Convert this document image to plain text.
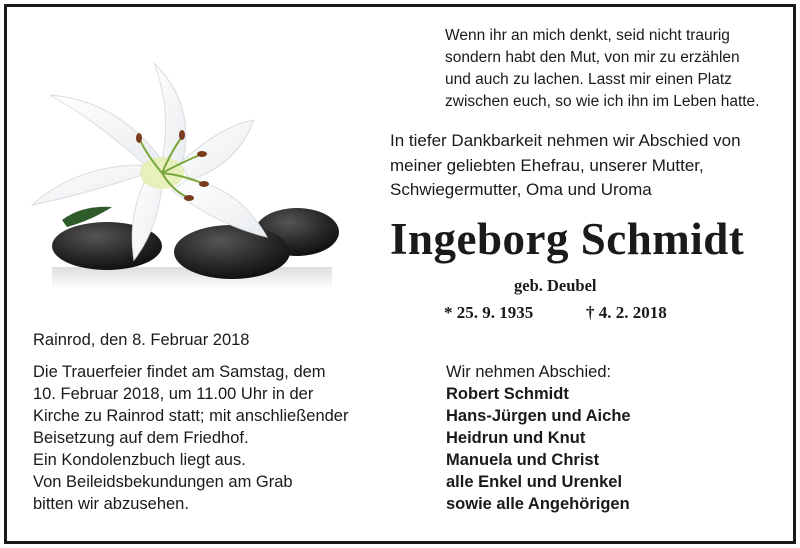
Wenn ihr an mich denkt, seid nicht traurig
sondern habt den Mut, von mir zu erzählen
und auch zu lachen. Lasst mir einen Platz
zwischen euch, so wie ich ihn im Leben hatte.
In tiefer Dankbarkeit nehmen wir Abschied von
meiner geliebten Ehefrau, unserer Mutter,
Schwiegermutter, Oma und Uroma
Ingeborg Schmidt
geb. Deubel
* 25. 9. 1935	† 4. 2. 2018
Rainrod, den 8. Februar 2018
Die Trauerfeier findet am Samstag, dem
10. Februar 2018, um 11.00 Uhr in der
Kirche zu Rainrod statt; mit anschließender
Beisetzung auf dem Friedhof.
Ein Kondolenzbuch liegt aus.
Von Beileidsbekundungen am Grab
bitten wir abzusehen.
Wir nehmen Abschied:
Robert Schmidt
Hans-Jürgen und Aiche
Heidrun und Knut
Manuela und Christ
alle Enkel und Urenkel
sowie alle Angehörigen
